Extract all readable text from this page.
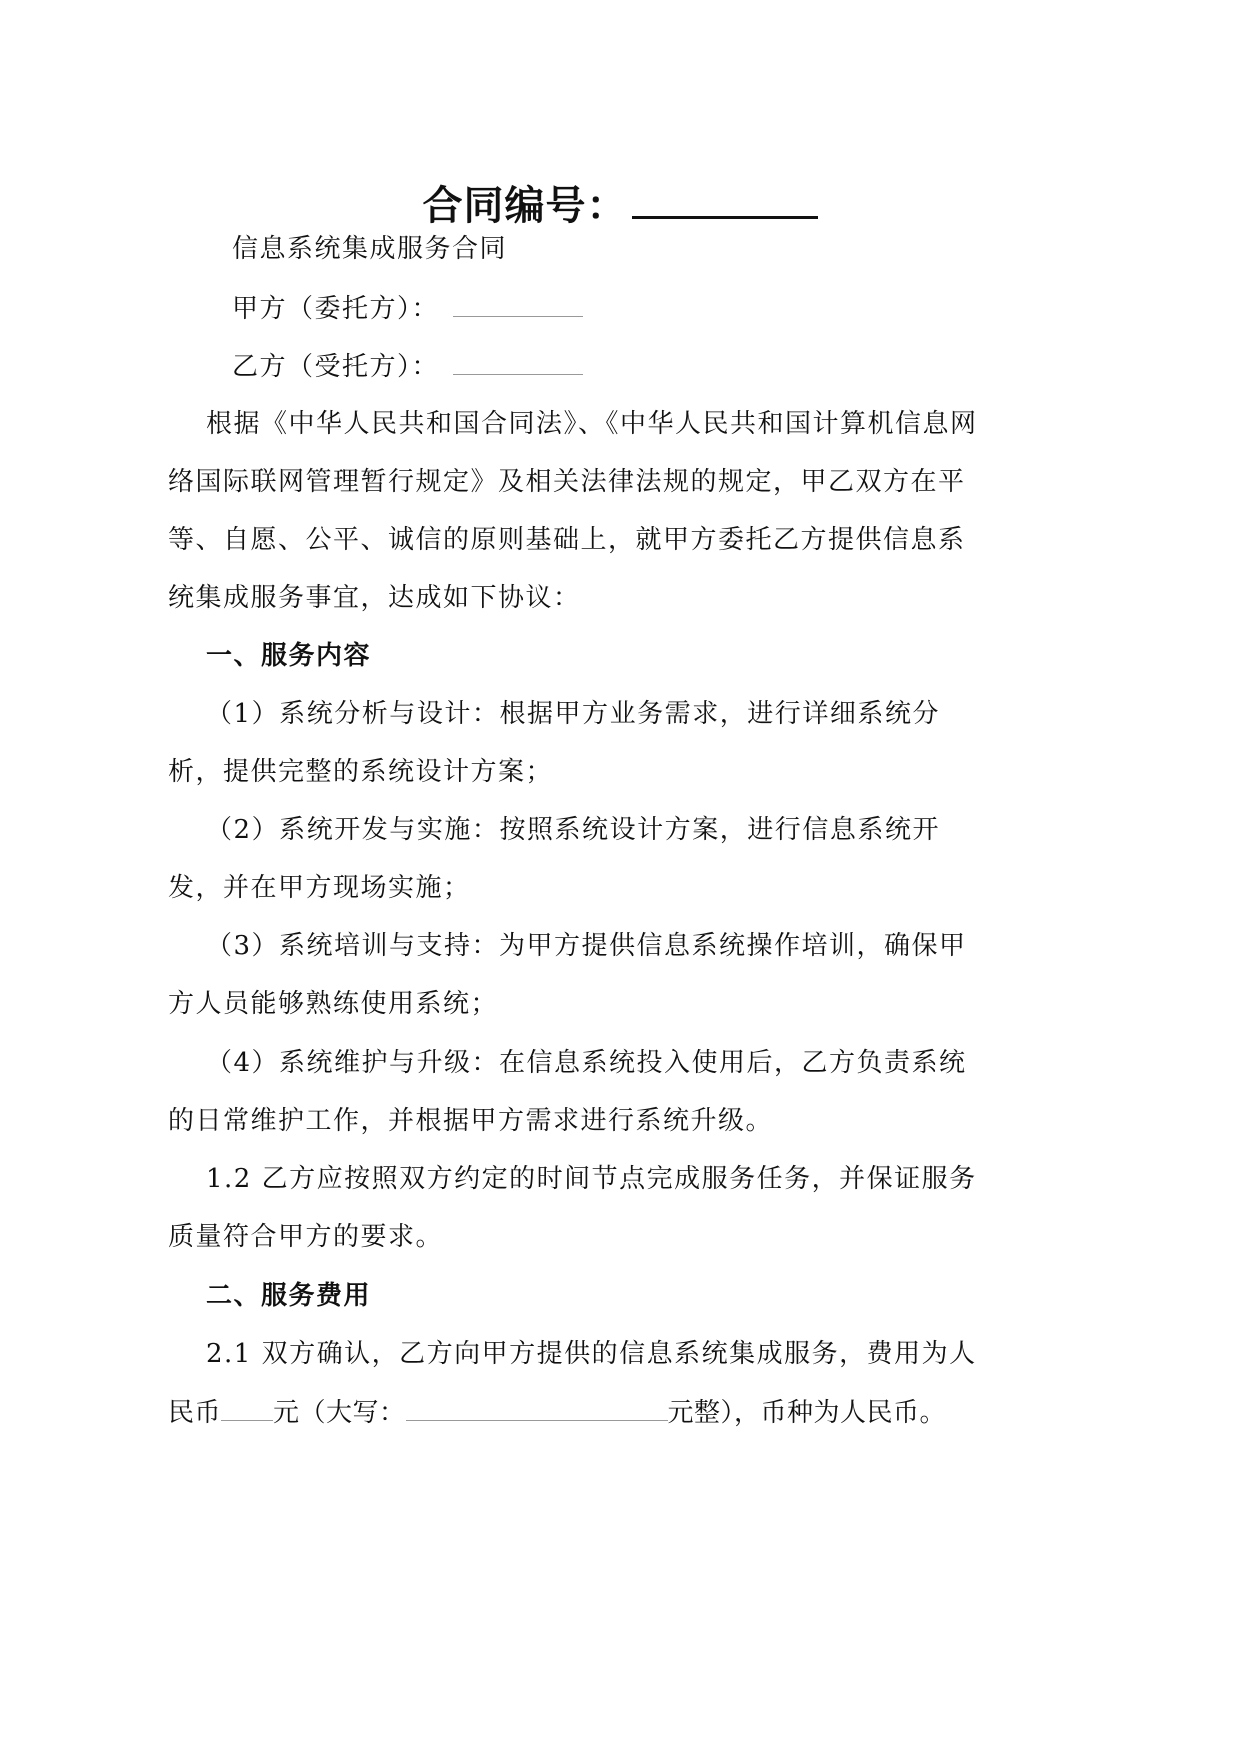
合同编号：
信息系统集成服务合同
甲方（委托方）：
乙方（受托方）：
根据《中华人民共和国合同法》、《中华人民共和国计算机信息网
络国际联网管理暂行规定》及相关法律法规的规定，甲乙双方在平
等、自愿、公平、诚信的原则基础上，就甲方委托乙方提供信息系
统集成服务事宜，达成如下协议：
一、服务内容
（1）系统分析与设计：根据甲方业务需求，进行详细系统分
析，提供完整的系统设计方案；
（2）系统开发与实施：按照系统设计方案，进行信息系统开
发，并在甲方现场实施；
（3）系统培训与支持：为甲方提供信息系统操作培训，确保甲
方人员能够熟练使用系统；
（4）系统维护与升级：在信息系统投入使用后，乙方负责系统
的日常维护工作，并根据甲方需求进行系统升级。
1.2 乙方应按照双方约定的时间节点完成服务任务，并保证服务
质量符合甲方的要求。
二、服务费用
2.1 双方确认，乙方向甲方提供的信息系统集成服务，费用为人
民币 元（大写：	元整），币种为人民币。
